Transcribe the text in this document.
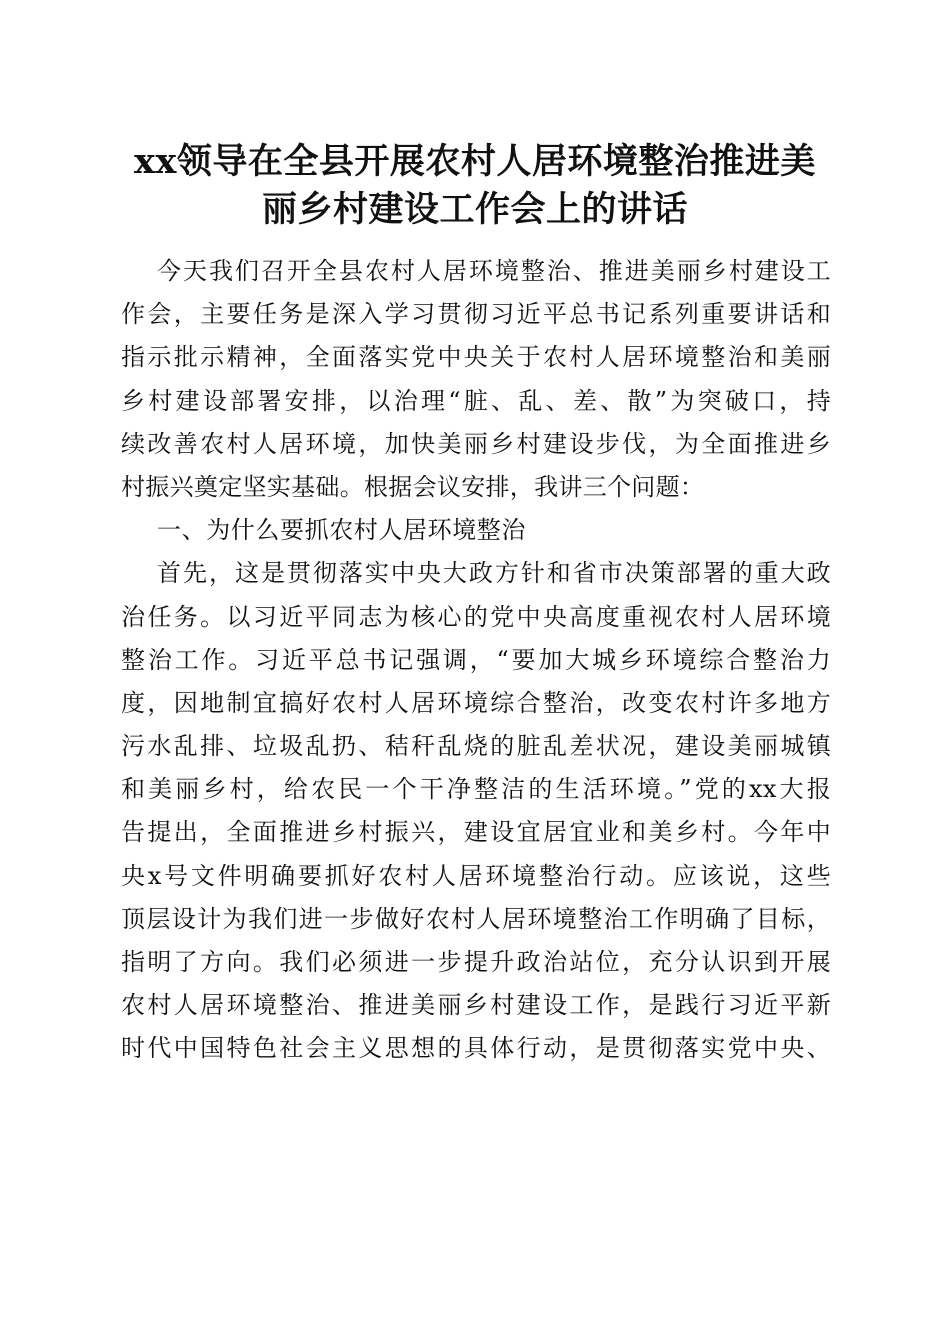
xx领导在全县开展农村人居环境整治推进美
丽乡村建设工作会上的讲话
今天我们召开全县农村人居环境整治、推进美丽乡村建设工
作会，主要任务是深入学习贯彻习近平总书记系列重要讲话和
指示批示精神，全面落实党中央关于农村人居环境整治和美丽
乡村建设部署安排，以治理“脏、乱、差、散”为突破口，持
续改善农村人居环境，加快美丽乡村建设步伐，为全面推进乡
村振兴奠定坚实基础。根据会议安排，我讲三个问题：
一、为什么要抓农村人居环境整治
首先，这是贯彻落实中央大政方针和省市决策部署的重大政
治任务。以习近平同志为核心的党中央高度重视农村人居环境
整治工作。习近平总书记强调，“要加大城乡环境综合整治力
度，因地制宜搞好农村人居环境综合整治，改变农村许多地方
污水乱排、垃圾乱扔、秸秆乱烧的脏乱差状况，建设美丽城镇
和美丽乡村，给农民一个干净整洁的生活环境。”党的xx大报
告提出，全面推进乡村振兴，建设宜居宜业和美乡村。今年中
央x号文件明确要抓好农村人居环境整治行动。应该说，这些
顶层设计为我们进一步做好农村人居环境整治工作明确了目标，
指明了方向。我们必须进一步提升政治站位，充分认识到开展
农村人居环境整治、推进美丽乡村建设工作，是践行习近平新
时代中国特色社会主义思想的具体行动，是贯彻落实党中央、
